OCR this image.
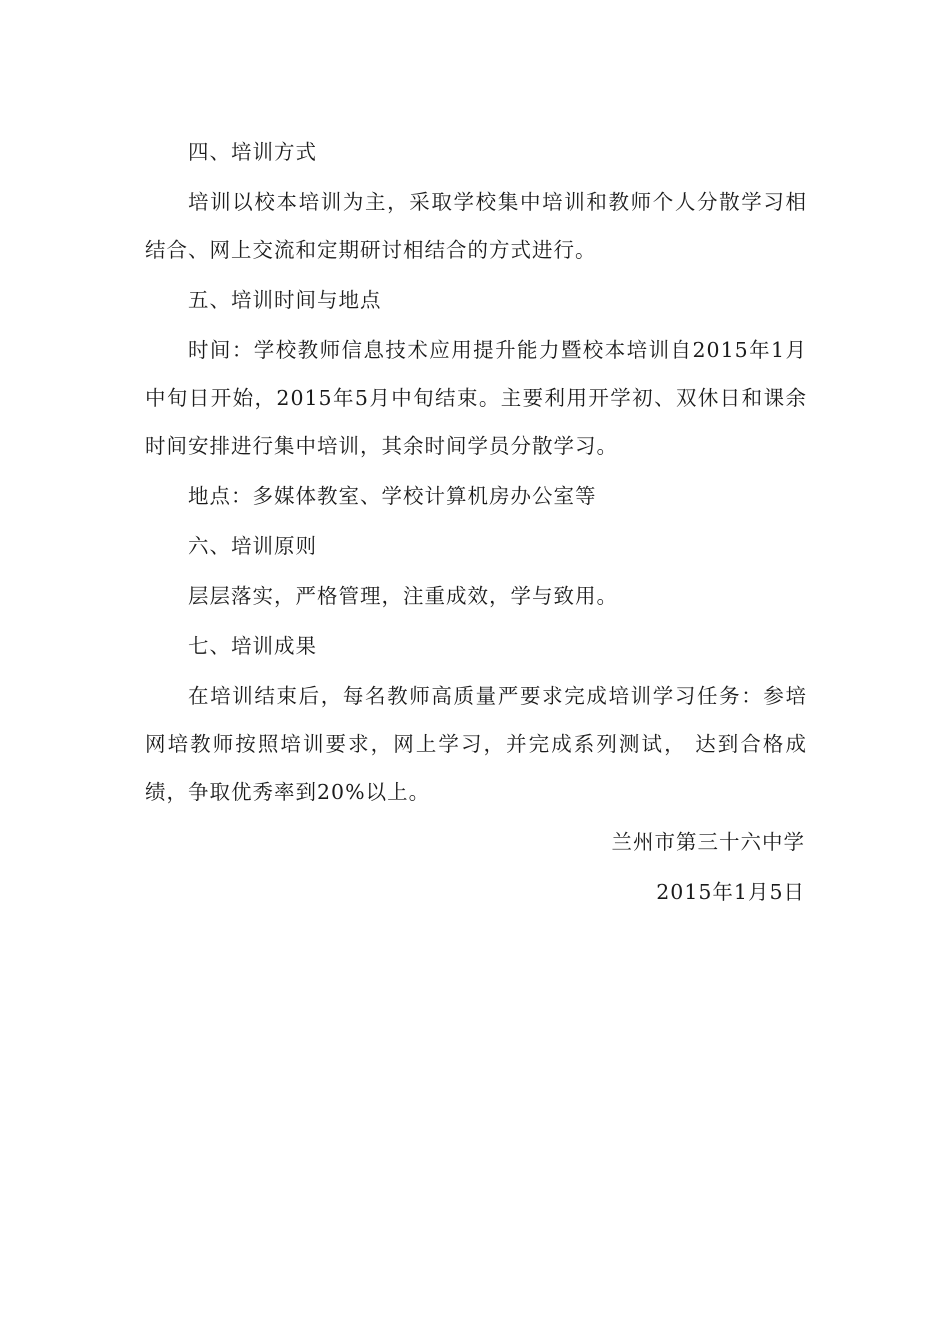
四、培训方式

培训以校本培训为主，采取学校集中培训和教师个人分散学习相结合、网上交流和定期研讨相结合的方式进行。

五、培训时间与地点

时间：学校教师信息技术应用提升能力暨校本培训自2015年1月中旬日开始，2015年5月中旬结束。主要利用开学初、双休日和课余时间安排进行集中培训，其余时间学员分散学习。

地点：多媒体教室、学校计算机房办公室等

六、培训原则

层层落实，严格管理，注重成效，学与致用。

七、培训成果

在培训结束后，每名教师高质量严要求完成培训学习任务：参培网培教师按照培训要求，网上学习，并完成系列测试， 达到合格成绩，争取优秀率到20%以上。

兰州市第三十六中学

2015年1月5日
